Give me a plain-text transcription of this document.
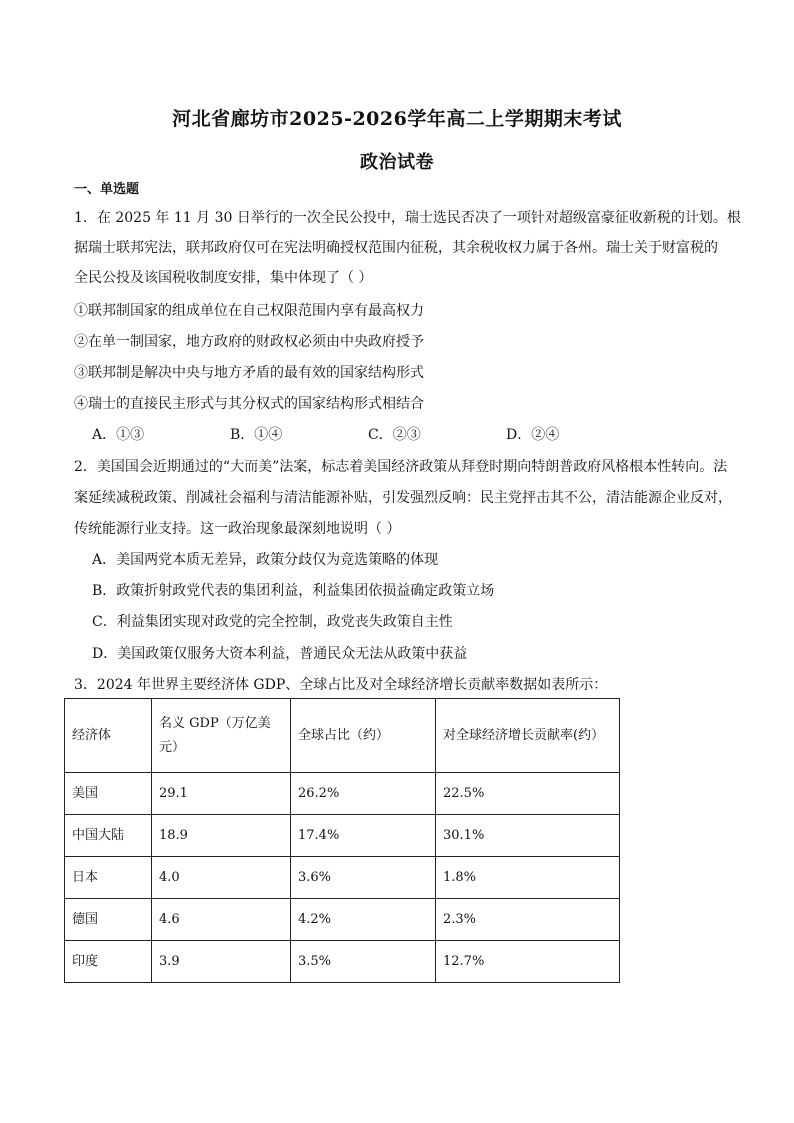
河北省廊坊市2025-2026学年高二上学期期末考试
政治试卷
一、单选题
1．在 2025 年 11 月 30 日举行的一次全民公投中，瑞士选民否决了一项针对超级富豪征收新税的计划。根
据瑞士联邦宪法，联邦政府仅可在宪法明确授权范围内征税，其余税收权力属于各州。瑞士关于财富税的
全民公投及该国税收制度安排，集中体现了（ ）
①联邦制国家的组成单位在自己权限范围内享有最高权力
②在单一制国家，地方政府的财政权必须由中央政府授予
③联邦制是解决中央与地方矛盾的最有效的国家结构形式
④瑞士的直接民主形式与其分权式的国家结构形式相结合
A．①③	B．①④	C．②③	D．②④
2．美国国会近期通过的“大而美”法案，标志着美国经济政策从拜登时期向特朗普政府风格根本性转向。法
案延续减税政策、削减社会福利与清洁能源补贴，引发强烈反响：民主党抨击其不公，清洁能源企业反对，
传统能源行业支持。这一政治现象最深刻地说明（ ）
A．美国两党本质无差异，政策分歧仅为竞选策略的体现
B．政策折射政党代表的集团利益，利益集团依损益确定政策立场
C．利益集团实现对政党的完全控制，政党丧失政策自主性
D．美国政策仅服务大资本利益，普通民众无法从政策中获益
3．2024 年世界主要经济体 GDP、全球占比及对全球经济增长贡献率数据如表所示：
经济体	名义 GDP（万亿美元）	全球占比（约）	对全球经济增长贡献率(约）
美国	29.1	26.2%	22.5%
中国大陆	18.9	17.4%	30.1%
日本	4.0	3.6%	1.8%
德国	4.6	4.2%	2.3%
印度	3.9	3.5%	12.7%
